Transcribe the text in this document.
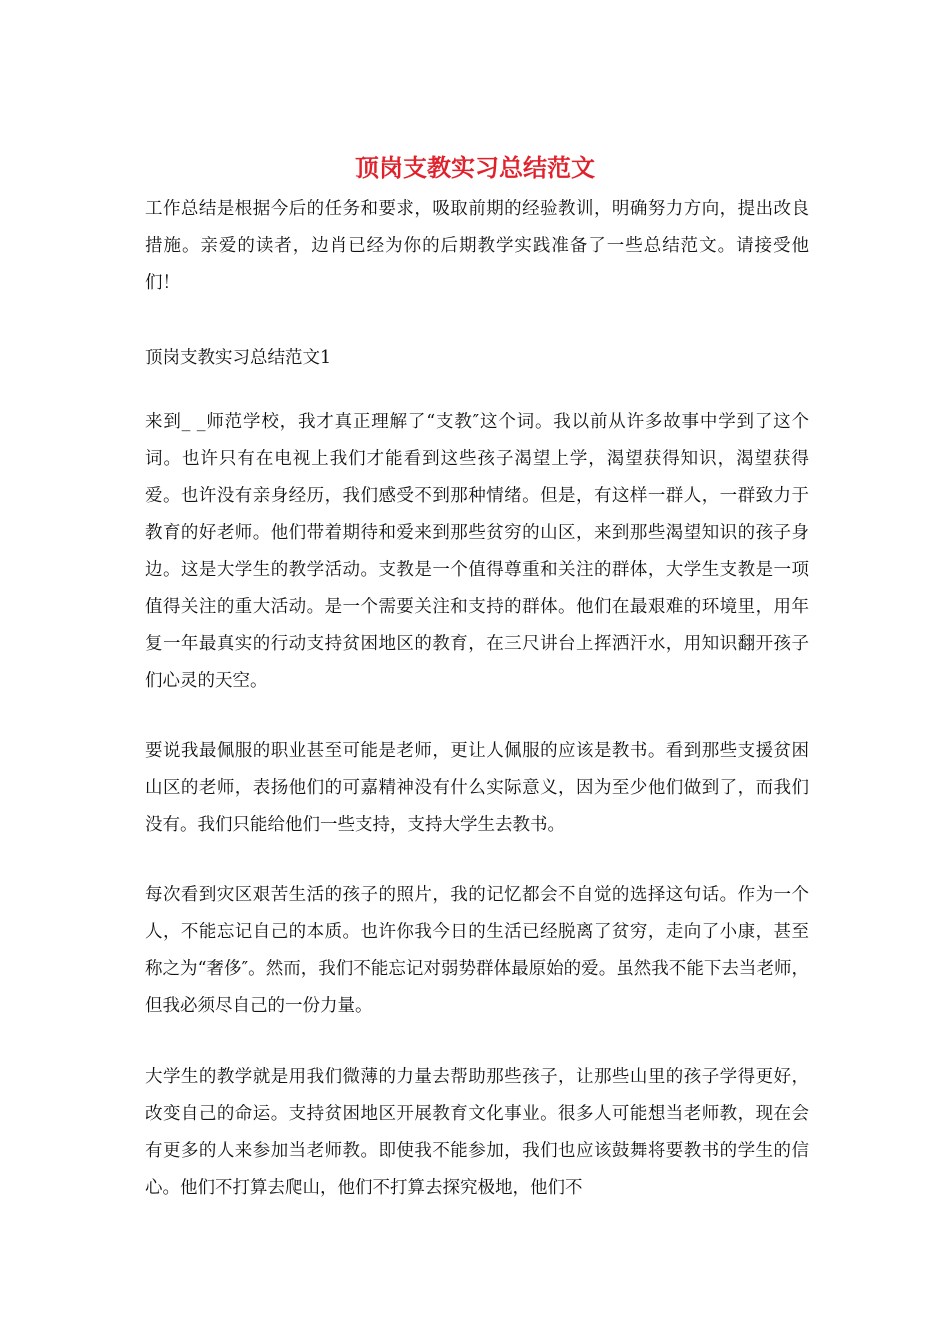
顶岗支教实习总结范文

工作总结是根据今后的任务和要求，吸取前期的经验教训，明确努力方向，提出改良措施。亲爱的读者，边肖已经为你的后期教学实践准备了一些总结范文。请接受他们！

顶岗支教实习总结范文1

来到_ _师范学校，我才真正理解了“支教″这个词。我以前从许多故事中学到了这个词。也许只有在电视上我们才能看到这些孩子渴望上学，渴望获得知识，渴望获得爱。也许没有亲身经历，我们感受不到那种情绪。但是，有这样一群人，一群致力于教育的好老师。他们带着期待和爱来到那些贫穷的山区，来到那些渴望知识的孩子身边。这是大学生的教学活动。支教是一个值得尊重和关注的群体，大学生支教是一项值得关注的重大活动。是一个需要关注和支持的群体。他们在最艰难的环境里，用年复一年最真实的行动支持贫困地区的教育，在三尺讲台上挥洒汗水，用知识翻开孩子们心灵的天空。

要说我最佩服的职业甚至可能是老师，更让人佩服的应该是教书。看到那些支援贫困山区的老师，表扬他们的可嘉精神没有什么实际意义，因为至少他们做到了，而我们没有。我们只能给他们一些支持，支持大学生去教书。

每次看到灾区艰苦生活的孩子的照片，我的记忆都会不自觉的选择这句话。作为一个人，不能忘记自己的本质。也许你我今日的生活已经脱离了贫穷，走向了小康，甚至称之为“奢侈″。然而，我们不能忘记对弱势群体最原始的爱。虽然我不能下去当老师，但我必须尽自己的一份力量。

大学生的教学就是用我们微薄的力量去帮助那些孩子，让那些山里的孩子学得更好，改变自己的命运。支持贫困地区开展教育文化事业。很多人可能想当老师教，现在会有更多的人来参加当老师教。即使我不能参加，我们也应该鼓舞将要教书的学生的信心。他们不打算去爬山，他们不打算去探究极地，他们不
